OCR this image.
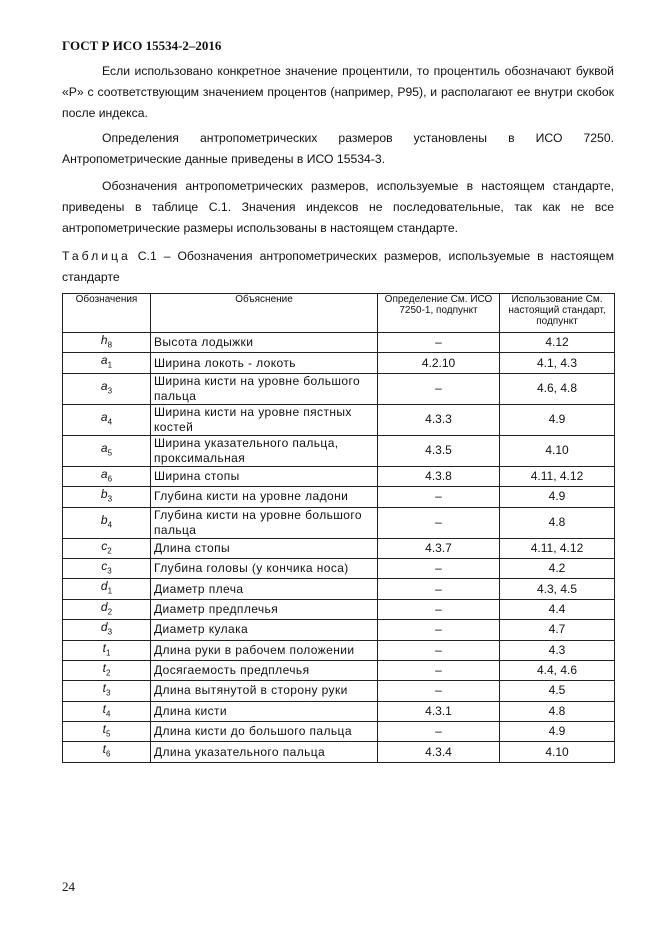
ГОСТ Р ИСО 15534-2–2016

Если использовано конкретное значение процентили, то процентиль обозначают буквой «P» с соответствующим значением процентов (например, P95), и располагают ее внутри скобок после индекса.

Определения антропометрических размеров установлены в ИСО 7250. Антропометрические данные приведены в ИСО 15534-3.

Обозначения антропометрических размеров, используемые в настоящем стандарте, приведены в таблице С.1. Значения индексов не последовательные, так как не все антропометрические размеры использованы в настоящем стандарте.

Таблица С.1 – Обозначения антропометрических размеров, используемые в настоящем стандарте

Обозначения	Объяснение	Определение См. ИСО 7250-1, подпункт	Использование См. настоящий стандарт, подпункт
$h_8$	Высота лодыжки	–	4.12
$a_1$	Ширина локоть - локоть	4.2.10	4.1, 4.3
$a_3$	Ширина кисти на уровне большого пальца	–	4.6, 4.8
$a_4$	Ширина кисти на уровне пястных костей	4.3.3	4.9
$a_5$	Ширина указательного пальца, проксимальная	4.3.5	4.10
$a_6$	Ширина стопы	4.3.8	4.11, 4.12
$b_3$	Глубина кисти на уровне ладони	–	4.9
$b_4$	Глубина кисти на уровне большого пальца	–	4.8
$c_2$	Длина стопы	4.3.7	4.11, 4.12
$c_3$	Глубина головы (у кончика носа)	–	4.2
$d_1$	Диаметр плеча	–	4.3, 4.5
$d_2$	Диаметр предплечья	–	4.4
$d_3$	Диаметр кулака	–	4.7
$t_1$	Длина руки в рабочем положении	–	4.3
$t_2$	Досягаемость предплечья	–	4.4, 4.6
$t_3$	Длина вытянутой в сторону руки	–	4.5
$t_4$	Длина кисти	4.3.1	4.8
$t_5$	Длина кисти до большого пальца	–	4.9
$t_6$	Длина указательного пальца	4.3.4	4.10
24
